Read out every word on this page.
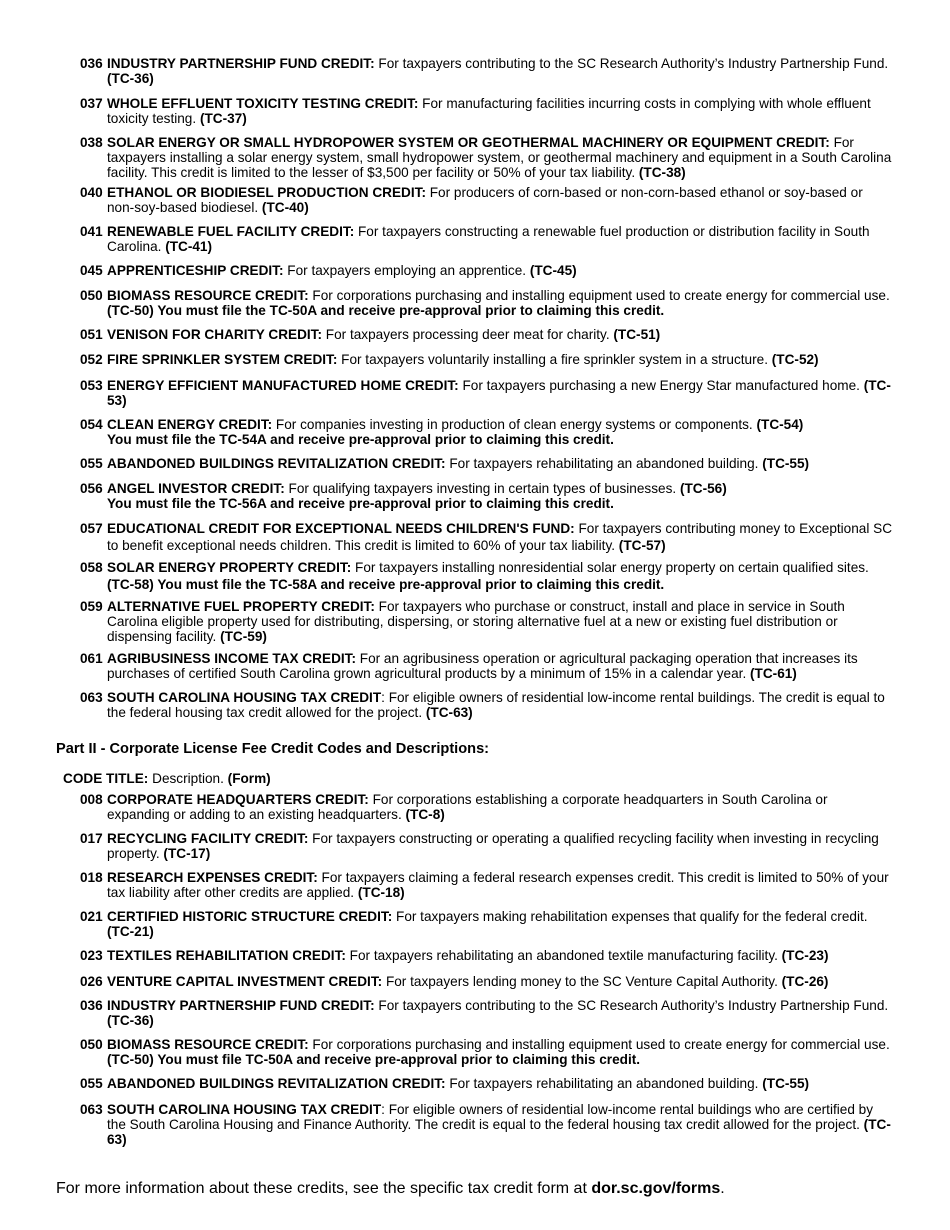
036 INDUSTRY PARTNERSHIP FUND CREDIT: For taxpayers contributing to the SC Research Authority’s Industry Partnership Fund. (TC-36)

037 WHOLE EFFLUENT TOXICITY TESTING CREDIT: For manufacturing facilities incurring costs in complying with whole effluent toxicity testing. (TC-37)

038 SOLAR ENERGY OR SMALL HYDROPOWER SYSTEM OR GEOTHERMAL MACHINERY OR EQUIPMENT CREDIT: For taxpayers installing a solar energy system, small hydropower system, or geothermal machinery and equipment in a South Carolina facility. This credit is limited to the lesser of $3,500 per facility or 50% of your tax liability. (TC-38)

040 ETHANOL OR BIODIESEL PRODUCTION CREDIT: For producers of corn-based or non-corn-based ethanol or soy-based or non-soy-based biodiesel. (TC-40)

041 RENEWABLE FUEL FACILITY CREDIT: For taxpayers constructing a renewable fuel production or distribution facility in South Carolina. (TC-41)

045 APPRENTICESHIP CREDIT: For taxpayers employing an apprentice. (TC-45)

050 BIOMASS RESOURCE CREDIT: For corporations purchasing and installing equipment used to create energy for commercial use. (TC-50) You must file the TC-50A and receive pre-approval prior to claiming this credit.

051 VENISON FOR CHARITY CREDIT: For taxpayers processing deer meat for charity. (TC-51)

052 FIRE SPRINKLER SYSTEM CREDIT: For taxpayers voluntarily installing a fire sprinkler system in a structure. (TC-52)

053 ENERGY EFFICIENT MANUFACTURED HOME CREDIT: For taxpayers purchasing a new Energy Star manufactured home. (TC-53)

054 CLEAN ENERGY CREDIT: For companies investing in production of clean energy systems or components. (TC-54)
You must file the TC-54A and receive pre-approval prior to claiming this credit.

055 ABANDONED BUILDINGS REVITALIZATION CREDIT: For taxpayers rehabilitating an abandoned building. (TC-55)

056 ANGEL INVESTOR CREDIT: For qualifying taxpayers investing in certain types of businesses. (TC-56)
You must file the TC-56A and receive pre-approval prior to claiming this credit.

057 EDUCATIONAL CREDIT FOR EXCEPTIONAL NEEDS CHILDREN'S FUND: For taxpayers contributing money to Exceptional SC to benefit exceptional needs children. This credit is limited to 60% of your tax liability. (TC-57)

058 SOLAR ENERGY PROPERTY CREDIT: For taxpayers installing nonresidential solar energy property on certain qualified sites. (TC-58) You must file the TC-58A and receive pre-approval prior to claiming this credit.

059 ALTERNATIVE FUEL PROPERTY CREDIT: For taxpayers who purchase or construct, install and place in service in South Carolina eligible property used for distributing, dispersing, or storing alternative fuel at a new or existing fuel distribution or dispensing facility. (TC-59)

061 AGRIBUSINESS INCOME TAX CREDIT: For an agribusiness operation or agricultural packaging operation that increases its purchases of certified South Carolina grown agricultural products by a minimum of 15% in a calendar year. (TC-61)

063 SOUTH CAROLINA HOUSING TAX CREDIT: For eligible owners of residential low-income rental buildings. The credit is equal to the federal housing tax credit allowed for the project. (TC-63)

Part II - Corporate License Fee Credit Codes and Descriptions:

CODE TITLE: Description. (Form)

008 CORPORATE HEADQUARTERS CREDIT: For corporations establishing a corporate headquarters in South Carolina or expanding or adding to an existing headquarters. (TC-8)

017 RECYCLING FACILITY CREDIT: For taxpayers constructing or operating a qualified recycling facility when investing in recycling property. (TC-17)

018 RESEARCH EXPENSES CREDIT: For taxpayers claiming a federal research expenses credit. This credit is limited to 50% of your tax liability after other credits are applied. (TC-18)

021 CERTIFIED HISTORIC STRUCTURE CREDIT: For taxpayers making rehabilitation expenses that qualify for the federal credit. (TC-21)

023 TEXTILES REHABILITATION CREDIT: For taxpayers rehabilitating an abandoned textile manufacturing facility. (TC-23)

026 VENTURE CAPITAL INVESTMENT CREDIT: For taxpayers lending money to the SC Venture Capital Authority. (TC-26)

036 INDUSTRY PARTNERSHIP FUND CREDIT: For taxpayers contributing to the SC Research Authority’s Industry Partnership Fund. (TC-36)

050 BIOMASS RESOURCE CREDIT: For corporations purchasing and installing equipment used to create energy for commercial use. (TC-50) You must file TC-50A and receive pre-approval prior to claiming this credit.

055 ABANDONED BUILDINGS REVITALIZATION CREDIT: For taxpayers rehabilitating an abandoned building. (TC-55)

063 SOUTH CAROLINA HOUSING TAX CREDIT: For eligible owners of residential low-income rental buildings who are certified by the South Carolina Housing and Finance Authority. The credit is equal to the federal housing tax credit allowed for the project. (TC-63)

For more information about these credits, see the specific tax credit form at dor.sc.gov/forms.
